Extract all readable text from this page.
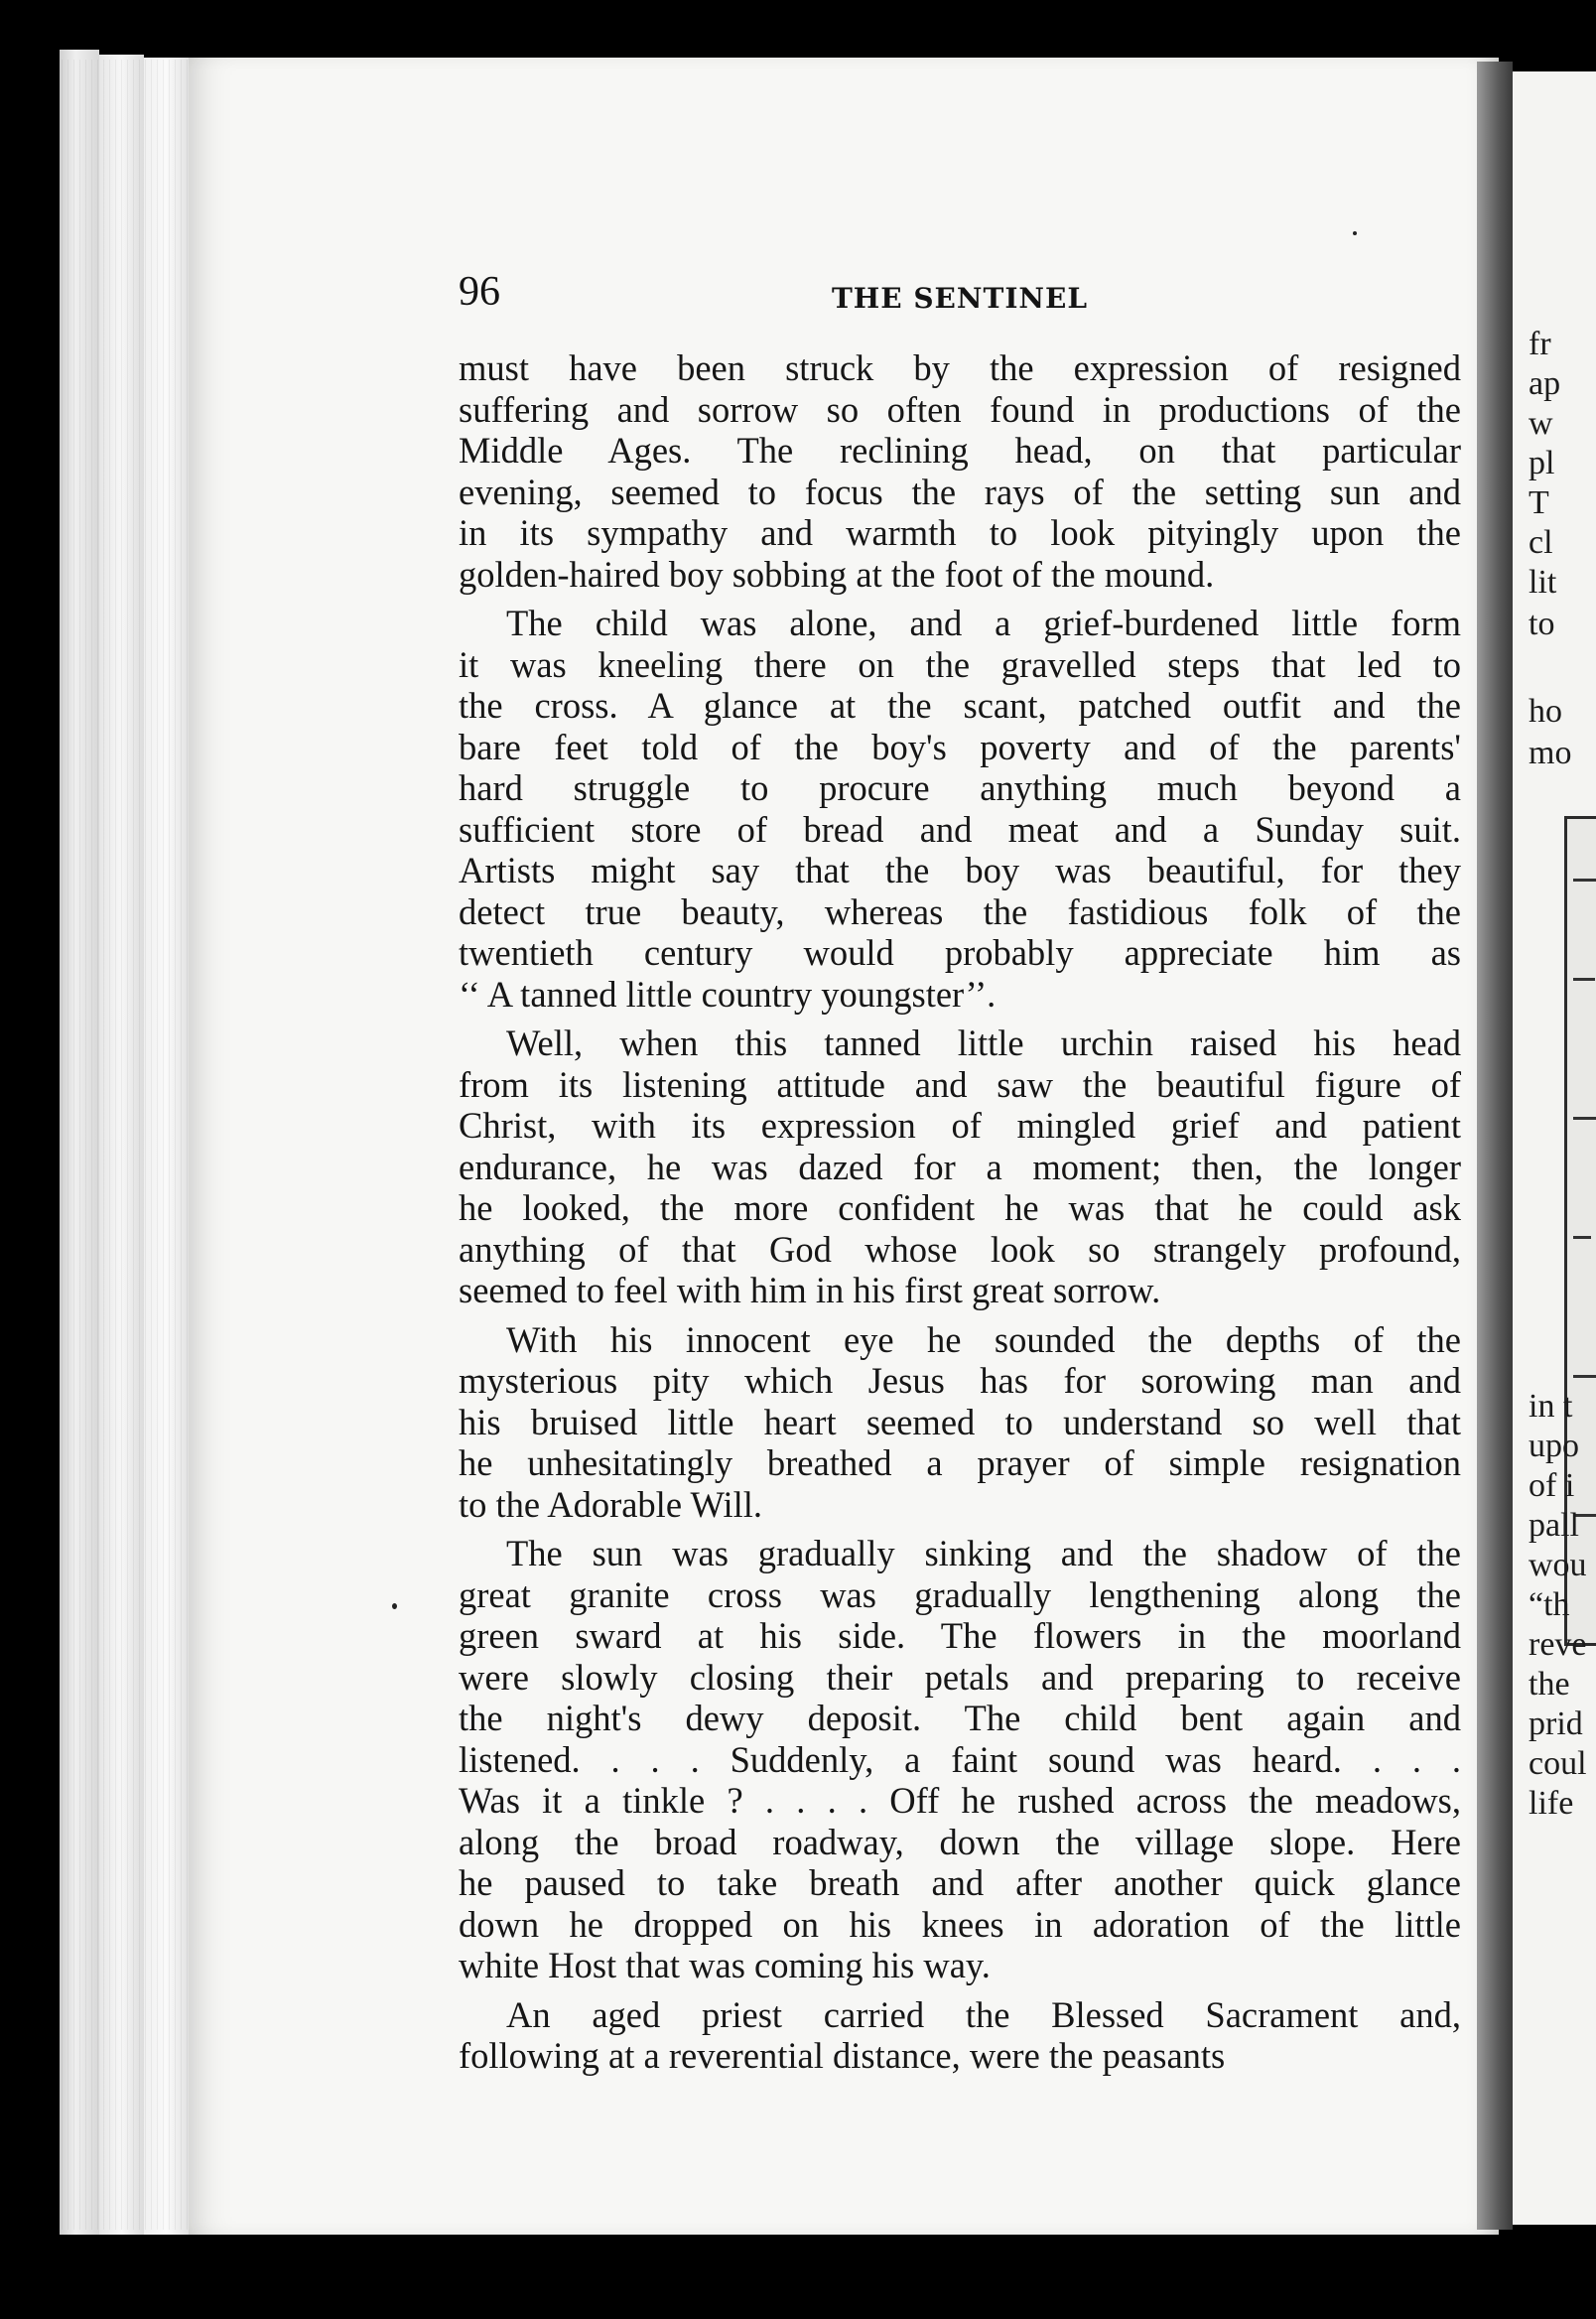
fr
ap
w
pl
T
cl
lit
to
ho
mo
in t
upo
of i
pall
wou
“th
reve
the
prid
coul
life
96	THE SENTINEL
must have been struck by the expression of resigned
suffering and sorrow so often found in productions of the
Middle Ages. The reclining head, on that particular
evening, seemed to focus the rays of the setting sun and
in its sympathy and warmth to look pityingly upon the
golden-haired boy sobbing at the foot of the mound.
The child was alone, and a grief-burdened little form
it was kneeling there on the gravelled steps that led to
the cross. A glance at the scant, patched outfit and the
bare feet told of the boy's poverty and of the parents'
hard struggle to procure anything much beyond a
sufficient store of bread and meat and a Sunday suit.
Artists might say that the boy was beautiful, for they
detect true beauty, whereas the fastidious folk of the
twentieth century would probably appreciate him as
‘‘ A tanned little country youngster’’.
Well, when this tanned little urchin raised his head
from its listening attitude and saw the beautiful figure of
Christ, with its expression of mingled grief and patient
endurance, he was dazed for a moment; then, the longer
he looked, the more confident he was that he could ask
anything of that God whose look so strangely profound,
seemed to feel with him in his first great sorrow.
With his innocent eye he sounded the depths of the
mysterious pity which Jesus has for sorowing man and
his bruised little heart seemed to understand so well that
he unhesitatingly breathed a prayer of simple resignation
to the Adorable Will.
The sun was gradually sinking and the shadow of the
great granite cross was gradually lengthening along the
green sward at his side. The flowers in the moorland
were slowly closing their petals and preparing to receive
the night's dewy deposit. The child bent again and
listened. . . . Suddenly, a faint sound was heard. . . .
Was it a tinkle ? . . . . Off he rushed across the meadows,
along the broad roadway, down the village slope. Here
he paused to take breath and after another quick glance
down he dropped on his knees in adoration of the little
white Host that was coming his way.
An aged priest carried the Blessed Sacrament and,
following at a reverential distance, were the peasants
